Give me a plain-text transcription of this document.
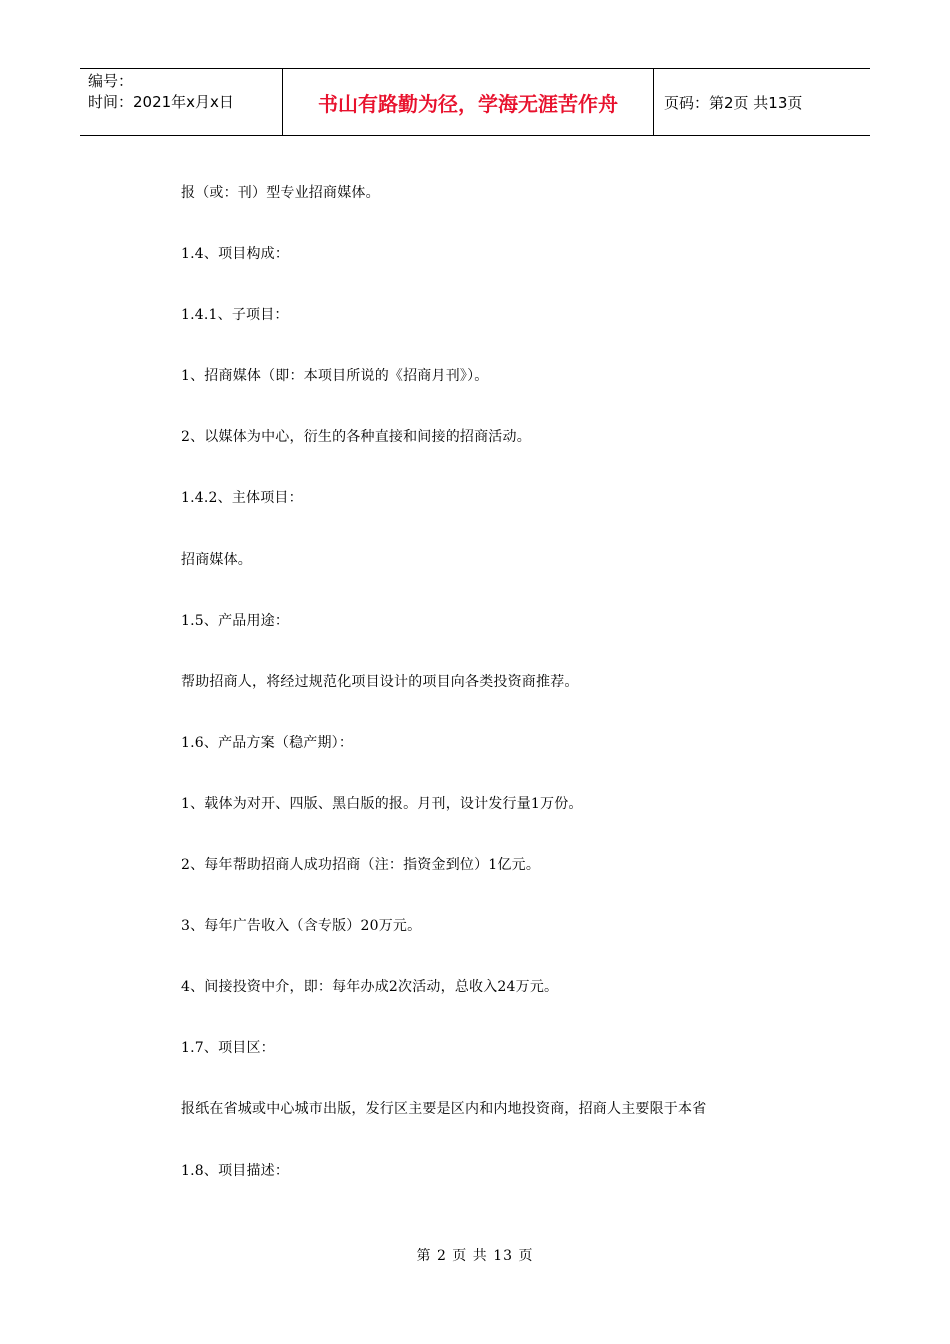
编号：
时间：2021年x月x日	书山有路勤为径，学海无涯苦作舟	页码：第2页 共13页
报（或：刊）型专业招商媒体。
1.4、项目构成：
1.4.1、子项目：
1、招商媒体（即：本项目所说的《招商月刊》）。
2、以媒体为中心，衍生的各种直接和间接的招商活动。
1.4.2、主体项目：
招商媒体。
1.5、产品用途：
帮助招商人，将经过规范化项目设计的项目向各类投资商推荐。
1.6、产品方案（稳产期）：
1、载体为对开、四版、黑白版的报。月刊，设计发行量1万份。
2、每年帮助招商人成功招商（注：指资金到位）1亿元。
3、每年广告收入（含专版）20万元。
4、间接投资中介，即：每年办成2次活动，总收入24万元。
1.7、项目区：
报纸在省城或中心城市出版，发行区主要是区内和内地投资商，招商人主要限于本省
1.8、项目描述：
第 2 页 共 13 页
